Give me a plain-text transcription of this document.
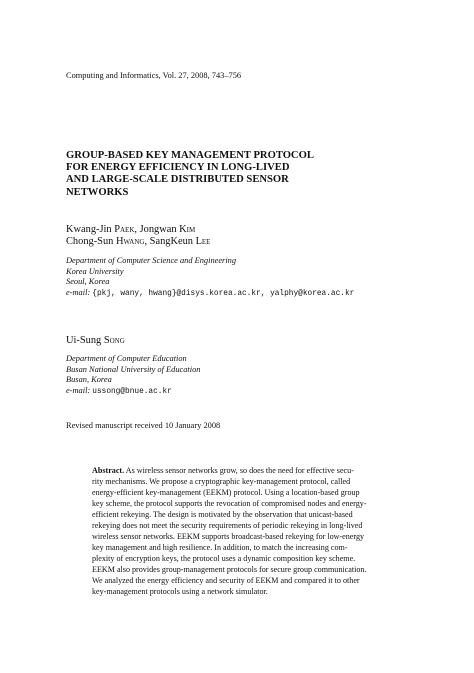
Computing and Informatics, Vol. 27, 2008, 743–756
GROUP-BASED KEY MANAGEMENT PROTOCOL
FOR ENERGY EFFICIENCY IN LONG-LIVED
AND LARGE-SCALE DISTRIBUTED SENSOR
NETWORKS
Kwang-Jin Paek, Jongwan Kim
Chong-Sun Hwang, SangKeun Lee
Department of Computer Science and Engineering
Korea University
Seoul, Korea
e-mail: {pkj, wany, hwang}@disys.korea.ac.kr, yalphy@korea.ac.kr
Ui-Sung Song
Department of Computer Education
Busan National University of Education
Busan, Korea
e-mail: ussong@bnue.ac.kr
Revised manuscript received 10 January 2008
Abstract. As wireless sensor networks grow, so does the need for effective secu-
rity mechanisms. We propose a cryptographic key-management protocol, called
energy-efficient key-management (EEKM) protocol. Using a location-based group
key scheme, the protocol supports the revocation of compromised nodes and energy-
efficient rekeying. The design is motivated by the observation that unicast-based
rekeying does not meet the security requirements of periodic rekeying in long-lived
wireless sensor networks. EEKM supports broadcast-based rekeying for low-energy
key management and high resilience. In addition, to match the increasing com-
plexity of encryption keys, the protocol uses a dynamic composition key scheme.
EEKM also provides group-management protocols for secure group communication.
We analyzed the energy efficiency and security of EEKM and compared it to other
key-management protocols using a network simulator.
